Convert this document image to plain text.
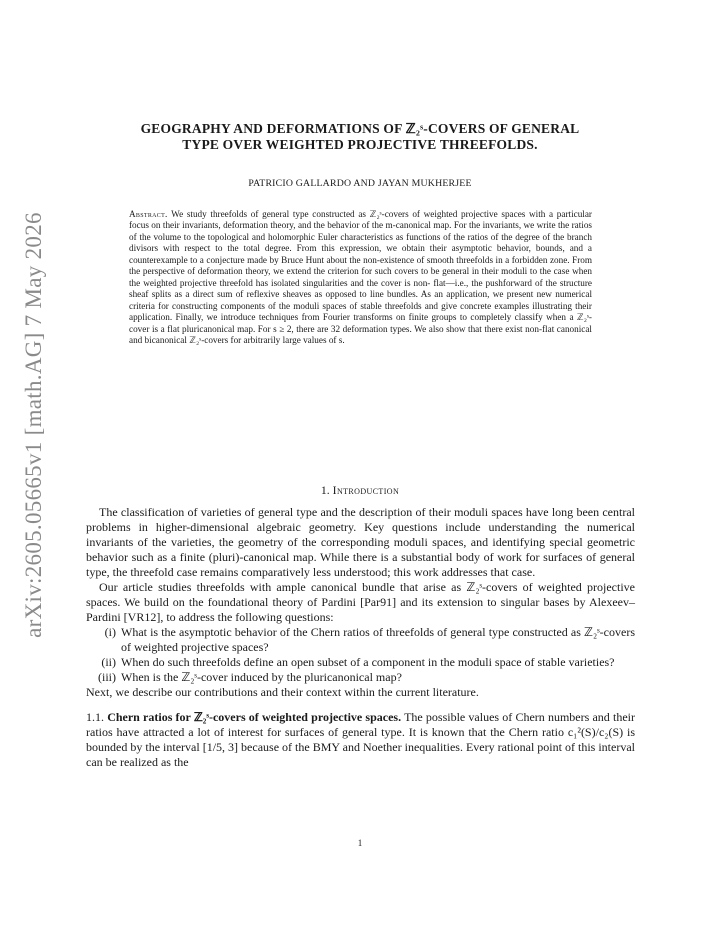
arXiv:2605.05665v1 [math.AG] 7 May 2026
GEOGRAPHY AND DEFORMATIONS OF ℤ₂ˢ-COVERS OF GENERAL
TYPE OVER WEIGHTED PROJECTIVE THREEFOLDS.
PATRICIO GALLARDO AND JAYAN MUKHERJEE

Abstract. We study threefolds of general type constructed as ℤ₂ˢ-covers of weighted projective spaces with a particular focus on their invariants, deformation theory, and the behavior of the m-canonical map. For the invariants, we write the ratios of the volume to the topological and holomorphic Euler characteristics as functions of the ratios of the degree of the branch divisors with respect to the total degree. From this expression, we obtain their asymptotic behavior, bounds, and a counterexample to a conjecture made by Bruce Hunt about the non-existence of smooth threefolds in a forbidden zone. From the perspective of deformation theory, we extend the criterion for such covers to be general in their moduli to the case when the weighted projective threefold has isolated singularities and the cover is non- flat—i.e., the pushforward of the structure sheaf splits as a direct sum of reflexive sheaves as opposed to line bundles. As an application, we present new numerical criteria for constructing components of the moduli spaces of stable threefolds and give concrete examples illustrating their application. Finally, we introduce techniques from Fourier transforms on finite groups to completely classify when a ℤ₂ˢ-cover is a flat pluricanonical map. For s ≥ 2, there are 32 deformation types. We also show that there exist non-flat canonical and bicanonical ℤ₂ˢ-covers for arbitrarily large values of s.

1. Introduction

The classification of varieties of general type and the description of their moduli spaces have long been central problems in higher-dimensional algebraic geometry. Key questions include understanding the numerical invariants of the varieties, the geometry of the corresponding moduli spaces, and identifying special geometric behavior such as a finite (pluri)-canonical map. While there is a substantial body of work for surfaces of general type, the threefold case remains comparatively less understood; this work addresses that case.

Our article studies threefolds with ample canonical bundle that arise as ℤ₂ˢ-covers of weighted projective spaces. We build on the foundational theory of Pardini [Par91] and its extension to singular bases by Alexeev–Pardini [VR12], to address the following questions:

(i) What is the asymptotic behavior of the Chern ratios of threefolds of general type constructed as ℤ₂ˢ-covers of weighted projective spaces?
(ii) When do such threefolds define an open subset of a component in the moduli space of stable varieties?
(iii) When is the ℤ₂ˢ-cover induced by the pluricanonical map?

Next, we describe our contributions and their context within the current literature.

1.1. Chern ratios for ℤ₂ˢ-covers of weighted projective spaces. The possible values of Chern numbers and their ratios have attracted a lot of interest for surfaces of general type. It is known that the Chern ratio c₁²(S)/c₂(S) is bounded by the interval [1/5, 3] because of the BMY and Noether inequalities. Every rational point of this interval can be realized as the

1
